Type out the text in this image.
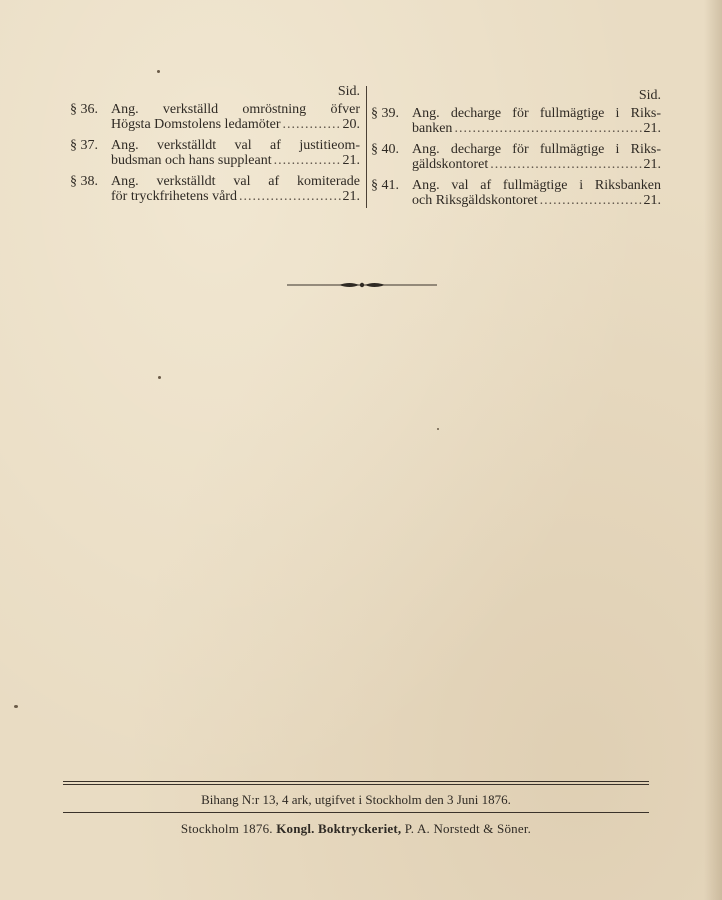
Sid.
§ 36. Ang. verkställd omröstning öfver
Högsta Domstolens ledamöter .....	20.
§ 37. Ang. verkställdt val af justitieom-
budsman och hans suppleant .....	21.
§ 38. Ang. verkställdt val af komiterade
för tryckfrihetens vård .....	21.
Sid.
§ 39. Ang. decharge för fullmägtige i Riks-
banken .....	21.
§ 40. Ang. decharge för fullmägtige i Riks-
gäldskontoret .....	21.
§ 41. Ang. val af fullmägtige i Riksbanken
och Riksgäldskontoret .....	21.
Bihang N:r 13, 4 ark, utgifvet i Stockholm den 3 Juni 1876.
Stockholm 1876. Kongl. Boktryckeriet, P. A. Norstedt & Söner.
